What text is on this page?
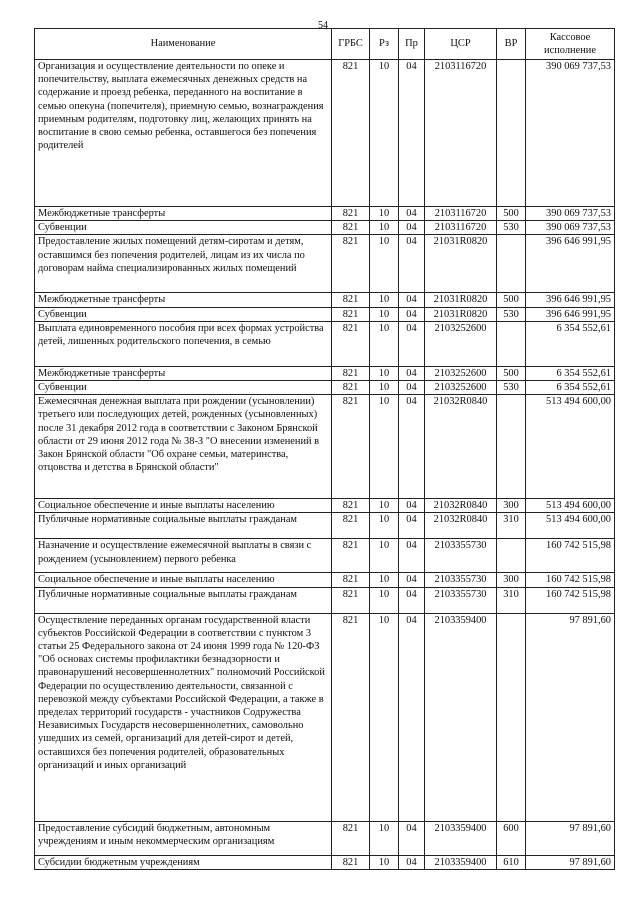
54
Наименование	ГРБС	Рз	Пр	ЦСР	ВР	Кассовое исполнение
Организация и осуществление деятельности по опеке и попечительству, выплата ежемесячных денежных средств на содержание и проезд ребенка, переданного на воспитание в семью опекуна (попечителя), приемную семью, вознаграждения приемным родителям, подготовку лиц, желающих принять на воспитание в свою семью ребенка, оставшегося без попечения родителей	821	10	04	2103116720		390 069 737,53
Межбюджетные трансферты	821	10	04	2103116720	500	390 069 737,53
Субвенции	821	10	04	2103116720	530	390 069 737,53
Предоставление жилых помещений детям-сиротам и детям, оставшимся без попечения родителей, лицам из их числа по договорам найма специализированных жилых помещений	821	10	04	21031R0820		396 646 991,95
Межбюджетные трансферты	821	10	04	21031R0820	500	396 646 991,95
Субвенции	821	10	04	21031R0820	530	396 646 991,95
Выплата единовременного пособия при всех формах устройства детей, лишенных родительского попечения, в семью	821	10	04	2103252600		6 354 552,61
Межбюджетные трансферты	821	10	04	2103252600	500	6 354 552,61
Субвенции	821	10	04	2103252600	530	6 354 552,61
Ежемесячная денежная выплата при рождении (усыновлении) третьего или последующих детей, рожденных (усыновленных) после 31 декабря 2012 года в соответствии с Законом Брянской области от 29 июня 2012 года № 38-З "О внесении изменений в Закон Брянской области "Об охране семьи, материнства, отцовства и детства в Брянской области"	821	10	04	21032R0840		513 494 600,00
Социальное обеспечение и иные выплаты населению	821	10	04	21032R0840	300	513 494 600,00
Публичные нормативные социальные выплаты гражданам	821	10	04	21032R0840	310	513 494 600,00
Назначение и осуществление ежемесячной выплаты в связи с рождением (усыновлением) первого ребенка	821	10	04	2103355730		160 742 515,98
Социальное обеспечение и иные выплаты населению	821	10	04	2103355730	300	160 742 515,98
Публичные нормативные социальные выплаты гражданам	821	10	04	2103355730	310	160 742 515,98
Осуществление переданных органам государственной власти субъектов Российской Федерации в соответствии с пунктом 3 статьи 25 Федерального закона от 24 июня 1999 года № 120-ФЗ "Об основах системы профилактики безнадзорности и правонарушений несовершеннолетних" полномочий Российской Федерации по осуществлению деятельности, связанной с перевозкой между субъектами Российской Федерации, а также в пределах территорий государств - участников Содружества Независимых Государств несовершеннолетних, самовольно ушедших из семей, организаций для детей-сирот и детей, оставшихся без попечения родителей, образовательных организаций и иных организаций	821	10	04	2103359400		97 891,60
Предоставление субсидий бюджетным, автономным учреждениям и иным некоммерческим организациям	821	10	04	2103359400	600	97 891,60
Субсидии бюджетным учреждениям	821	10	04	2103359400	610	97 891,60
